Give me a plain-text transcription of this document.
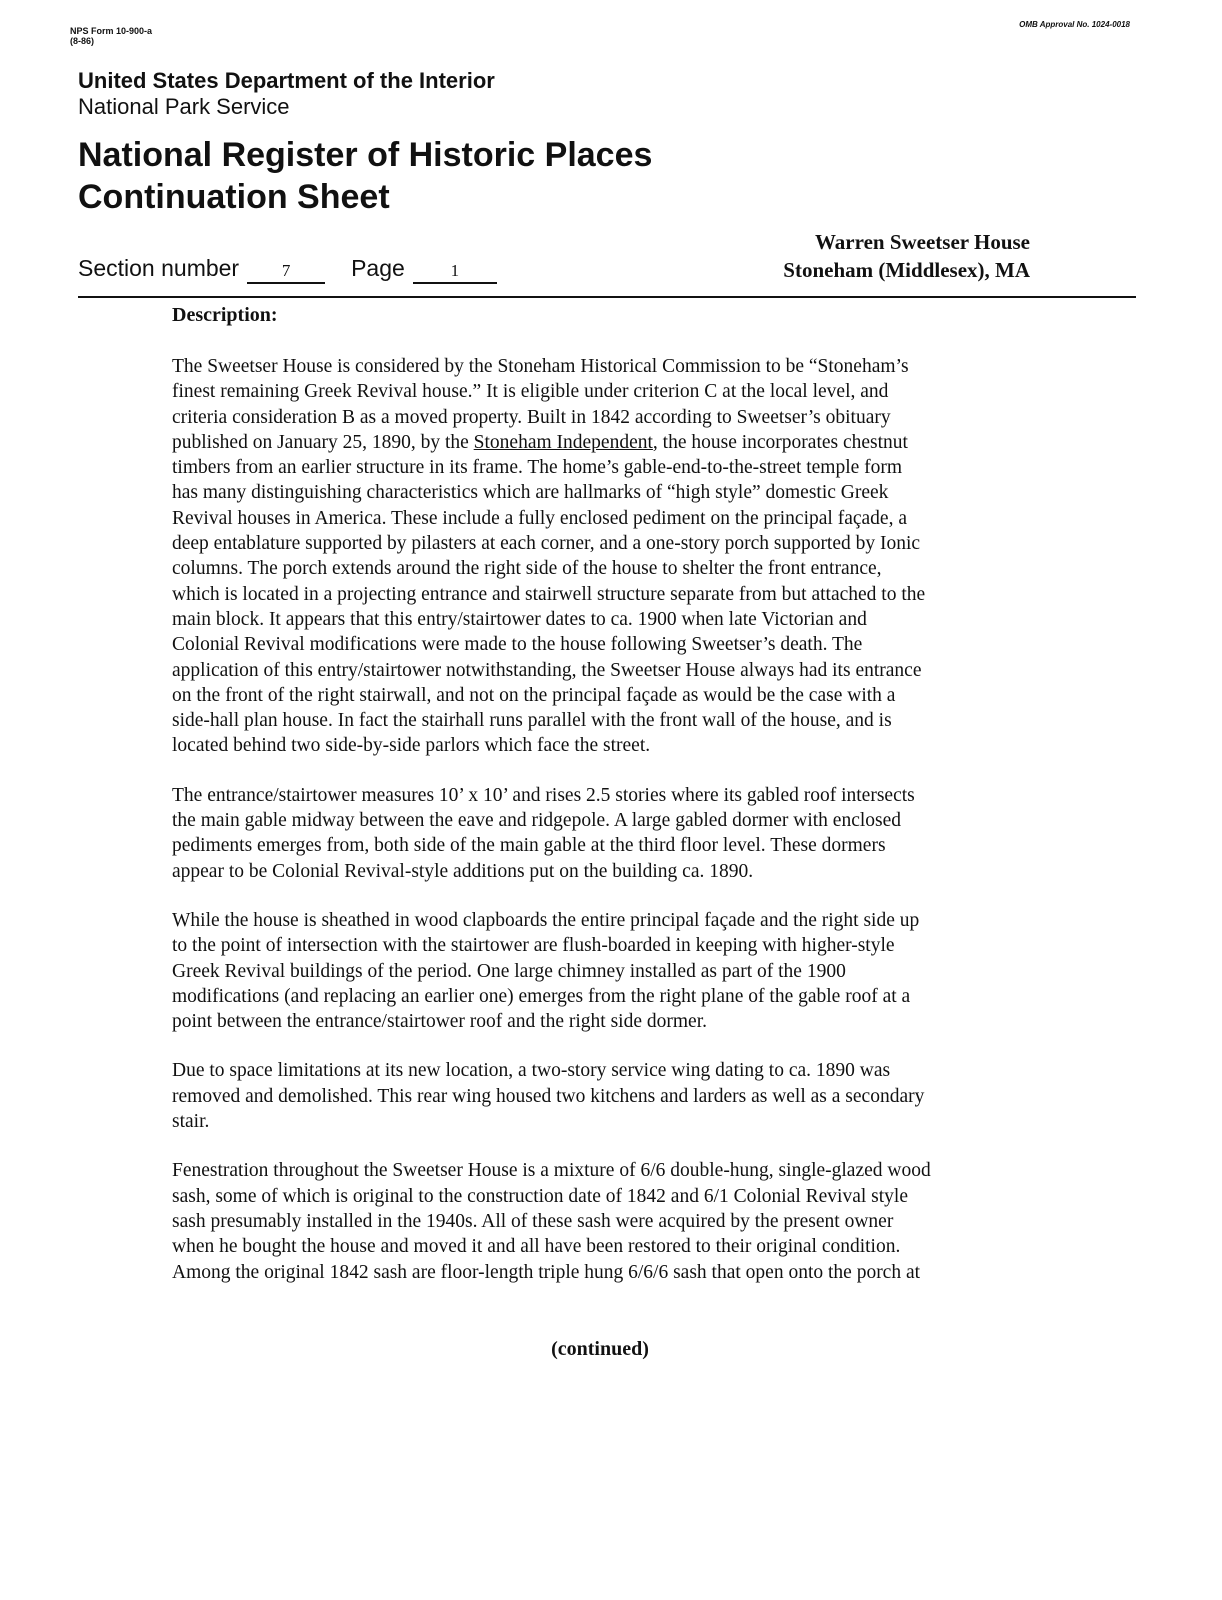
NPS Form 10-900-a
(8-86)
OMB Approval No. 1024-0018
United States Department of the Interior
National Park Service
National Register of Historic Places
Continuation Sheet
Section number	7	Page	1
Warren Sweetser House
Stoneham (Middlesex), MA
Description:

The Sweetser House is considered by the Stoneham Historical Commission to be “Stoneham’s
finest remaining Greek Revival house.” It is eligible under criterion C at the local level, and
criteria consideration B as a moved property. Built in 1842 according to Sweetser’s obituary
published on January 25, 1890, by the Stoneham Independent, the house incorporates chestnut
timbers from an earlier structure in its frame. The home’s gable-end-to-the-street temple form
has many distinguishing characteristics which are hallmarks of “high style” domestic Greek
Revival houses in America. These include a fully enclosed pediment on the principal façade, a
deep entablature supported by pilasters at each corner, and a one-story porch supported by Ionic
columns. The porch extends around the right side of the house to shelter the front entrance,
which is located in a projecting entrance and stairwell structure separate from but attached to the
main block. It appears that this entry/stairtower dates to ca. 1900 when late Victorian and
Colonial Revival modifications were made to the house following Sweetser’s death. The
application of this entry/stairtower notwithstanding, the Sweetser House always had its entrance
on the front of the right stairwall, and not on the principal façade as would be the case with a
side-hall plan house. In fact the stairhall runs parallel with the front wall of the house, and is
located behind two side-by-side parlors which face the street.

The entrance/stairtower measures 10’ x 10’ and rises 2.5 stories where its gabled roof intersects
the main gable midway between the eave and ridgepole. A large gabled dormer with enclosed
pediments emerges from, both side of the main gable at the third floor level. These dormers
appear to be Colonial Revival-style additions put on the building ca. 1890.

While the house is sheathed in wood clapboards the entire principal façade and the right side up
to the point of intersection with the stairtower are flush-boarded in keeping with higher-style
Greek Revival buildings of the period. One large chimney installed as part of the 1900
modifications (and replacing an earlier one) emerges from the right plane of the gable roof at a
point between the entrance/stairtower roof and the right side dormer.

Due to space limitations at its new location, a two-story service wing dating to ca. 1890 was
removed and demolished. This rear wing housed two kitchens and larders as well as a secondary
stair.

Fenestration throughout the Sweetser House is a mixture of 6/6 double-hung, single-glazed wood
sash, some of which is original to the construction date of 1842 and 6/1 Colonial Revival style
sash presumably installed in the 1940s. All of these sash were acquired by the present owner
when he bought the house and moved it and all have been restored to their original condition.
Among the original 1842 sash are floor-length triple hung 6/6/6 sash that open onto the porch at

(continued)
